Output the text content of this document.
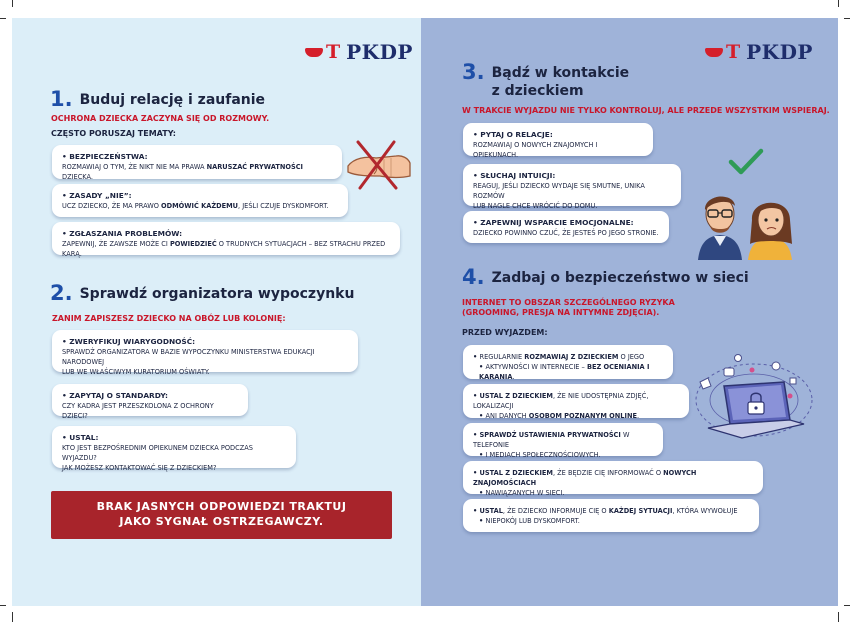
T PKDP	T PKDP
1. Buduj relację i zaufanie
OCHRONA DZIECKA ZACZYNA SIĘ OD ROZMOWY.
CZĘSTO PORUSZAJ TEMATY:
• BEZPIECZEŃSTWA:
ROZMAWIAJ O TYM, ŻE NIKT NIE MA PRAWA NARUSZAĆ PRYWATNOŚCI DZIECKA.
• ZASADY „NIE”:
UCZ DZIECKO, ŻE MA PRAWO ODMÓWIĆ KAŻDEMU, JEŚLI CZUJE DYSKOMFORT.
• ZGŁASZANIA PROBLEMÓW:
ZAPEWNIJ, ŻE ZAWSZE MOŻE CI POWIEDZIEĆ O TRUDNYCH SYTUACJACH – BEZ STRACHU PRZED KARĄ.
2. Sprawdź organizatora wypoczynku
ZANIM ZAPISZESZ DZIECKO NA OBÓZ LUB KOLONIĘ:
• ZWERYFIKUJ WIARYGODNOŚĆ:
SPRAWDŹ ORGANIZATORA W BAZIE WYPOCZYNKU MINISTERSTWA EDUKACJI NARODOWEJ
LUB WE WŁAŚCIWYM KURATORIUM OŚWIATY.
• ZAPYTAJ O STANDARDY:
CZY KADRA JEST PRZESZKOLONA Z OCHRONY DZIECI?
• USTAL:
KTO JEST BEZPOŚREDNIM OPIEKUNEM DZIECKA PODCZAS WYJAZDU?
JAK MOŻESZ KONTAKTOWAĆ SIĘ Z DZIECKIEM?
BRAK JASNYCH ODPOWIEDZI TRAKTUJ
JAKO SYGNAŁ OSTRZEGAWCZY.
3. Bądź w kontakcie
z dzieckiem
W TRAKCIE WYJAZDU NIE TYLKO KONTROLUJ, ALE PRZEDE WSZYSTKIM WSPIERAJ.
• PYTAJ O RELACJE:
ROZMAWIAJ O NOWYCH ZNAJOMYCH I OPIEKUNACH.
• SŁUCHAJ INTUICJI:
REAGUJ, JEŚLI DZIECKO WYDAJE SIĘ SMUTNE, UNIKA ROZMÓW
LUB NAGLE CHCE WRÓCIĆ DO DOMU.
• ZAPEWNIJ WSPARCIE EMOCJONALNE:
DZIECKO POWINNO CZUĆ, ŻE JESTEŚ PO JEGO STRONIE.
4. Zadbaj o bezpieczeństwo w sieci
INTERNET TO OBSZAR SZCZEGÓLNEGO RYZYKA
(GROOMING, PRESJA NA INTYMNE ZDJĘCIA).
PRZED WYJAZDEM:
• REGULARNIE ROZMAWIAJ Z DZIECKIEM O JEGO
• AKTYWNOŚCI W INTERNECIE – BEZ OCENIANIA I KARANIA.
• USTAL Z DZIECKIEM, ŻE NIE UDOSTĘPNIA ZDJĘĆ, LOKALIZACJI
• ANI DANYCH OSOBOM POZNANYM ONLINE.
• SPRAWDŹ USTAWIENIA PRYWATNOŚCI W TELEFONIE
• I MEDIACH SPOŁECZNOŚCIOWYCH.
• USTAL Z DZIECKIEM, ŻE BĘDZIE CIĘ INFORMOWAĆ O NOWYCH ZNAJOMOŚCIACH
• NAWIĄZANYCH W SIECI.
• USTAL, ŻE DZIECKO INFORMUJE CIĘ O KAŻDEJ SYTUACJI, KTÓRA WYWOŁUJE
• NIEPOKÓJ LUB DYSKOMFORT.
